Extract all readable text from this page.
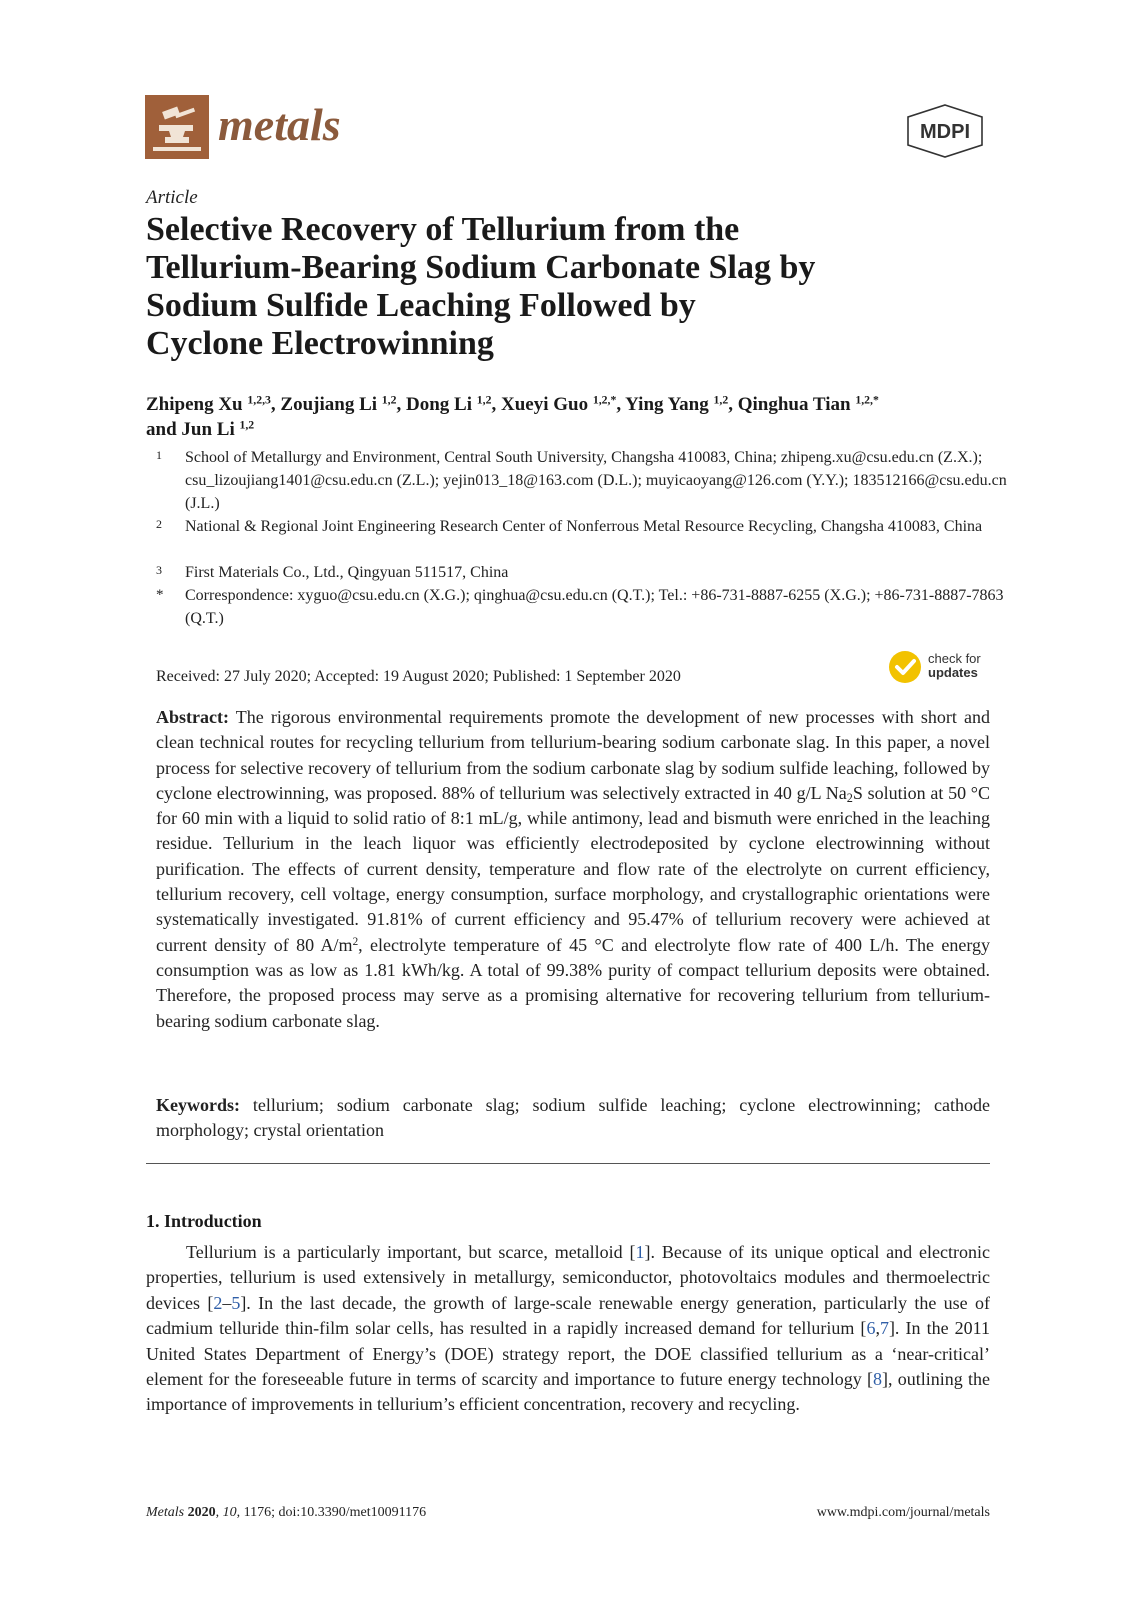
metals	MDPI
Article
Selective Recovery of Tellurium from the
Tellurium-Bearing Sodium Carbonate Slag by
Sodium Sulfide Leaching Followed by
Cyclone Electrowinning
Zhipeng Xu $^{1,2,3}$, Zoujiang Li $^{1,2}$, Dong Li $^{1,2}$, Xueyi Guo $^{1,2,*}$, Ying Yang $^{1,2}$, Qinghua Tian $^{1,2,*}$
and Jun Li $^{1,2}$
1 School of Metallurgy and Environment, Central South University, Changsha 410083, China; zhipeng.xu@csu.edu.cn (Z.X.); csu_lizoujiang1401@csu.edu.cn (Z.L.); yejin013_18@163.com (D.L.); muyicaoyang@126.com (Y.Y.); 183512166@csu.edu.cn (J.L.)
2 National & Regional Joint Engineering Research Center of Nonferrous Metal Resource Recycling, Changsha 410083, China
3 First Materials Co., Ltd., Qingyuan 511517, China
* Correspondence: xyguo@csu.edu.cn (X.G.); qinghua@csu.edu.cn (Q.T.); Tel.: +86-731-8887-6255 (X.G.); +86-731-8887-7863 (Q.T.)
Received: 27 July 2020; Accepted: 19 August 2020; Published: 1 September 2020
check for
updates
Abstract: The rigorous environmental requirements promote the development of new processes with short and clean technical routes for recycling tellurium from tellurium-bearing sodium carbonate slag. In this paper, a novel process for selective recovery of tellurium from the sodium carbonate slag by sodium sulfide leaching, followed by cyclone electrowinning, was proposed. 88% of tellurium was selectively extracted in 40 g/L $Na_2S$ solution at 50 °C for 60 min with a liquid to solid ratio of 8:1 mL/g, while antimony, lead and bismuth were enriched in the leaching residue. Tellurium in the leach liquor was efficiently electrodeposited by cyclone electrowinning without purification. The effects of current density, temperature and flow rate of the electrolyte on current efficiency, tellurium recovery, cell voltage, energy consumption, surface morphology, and crystallographic orientations were systematically investigated. 91.81% of current efficiency and 95.47% of tellurium recovery were achieved at current density of 80 $A/m^2$, electrolyte temperature of 45 °C and electrolyte flow rate of 400 L/h. The energy consumption was as low as 1.81 kWh/kg. A total of 99.38% purity of compact tellurium deposits were obtained. Therefore, the proposed process may serve as a promising alternative for recovering tellurium from tellurium-bearing sodium carbonate slag.
Keywords: tellurium; sodium carbonate slag; sodium sulfide leaching; cyclone electrowinning; cathode morphology; crystal orientation
1. Introduction
Tellurium is a particularly important, but scarce, metalloid [1]. Because of its unique optical and electronic properties, tellurium is used extensively in metallurgy, semiconductor, photovoltaics modules and thermoelectric devices [2–5]. In the last decade, the growth of large-scale renewable energy generation, particularly the use of cadmium telluride thin-film solar cells, has resulted in a rapidly increased demand for tellurium [6,7]. In the 2011 United States Department of Energy’s (DOE) strategy report, the DOE classified tellurium as a ‘near-critical’ element for the foreseeable future in terms of scarcity and importance to future energy technology [8], outlining the importance of improvements in tellurium’s efficient concentration, recovery and recycling.
Metals 2020, 10, 1176; doi:10.3390/met10091176	www.mdpi.com/journal/metals
